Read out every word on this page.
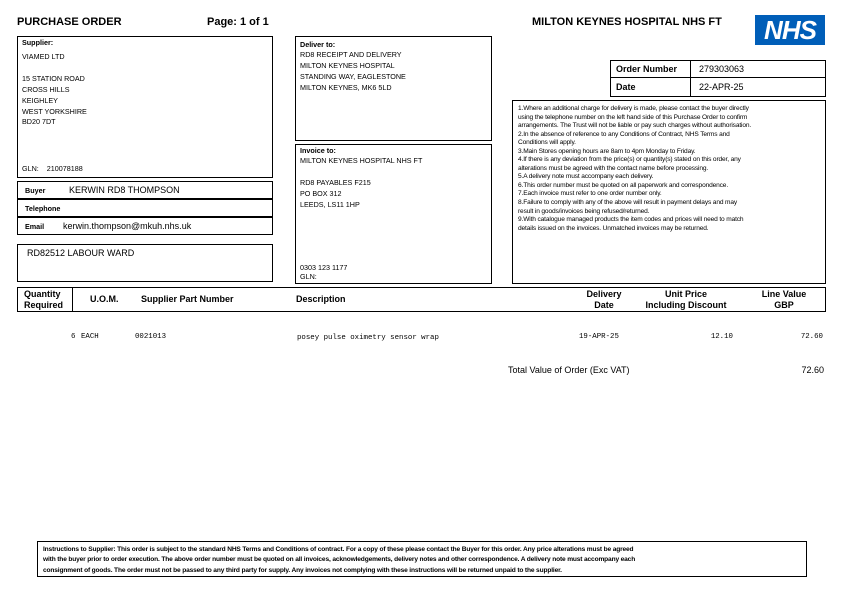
PURCHASE ORDER	Page: 1 of 1	MILTON KEYNES HOSPITAL NHS FT	NHS
Supplier:
VIAMED LTD

15 STATION ROAD
CROSS HILLS
KEIGHLEY
WEST YORKSHIRE
BD20 7DT
GLN: 210078188
Buyer	KERWIN RD8 THOMPSON
Telephone
Email kerwin.thompson@mkuh.nhs.uk
RD82512 LABOUR WARD
Deliver to:
RD8 RECEIPT AND DELIVERY
MILTON KEYNES HOSPITAL
STANDING WAY, EAGLESTONE
MILTON KEYNES, MK6 5LD
Invoice to:
MILTON KEYNES HOSPITAL NHS FT

RD8 PAYABLES F215
PO BOX 312
LEEDS, LS11 1HP
0303 123 1177
GLN:
Order Number 279303063
Date	22-APR-25
1.Where an additional charge for delivery is made, please contact the buyer directly
using the telephone number on the left hand side of this Purchase Order to confirm
arrangements. The Trust will not be liable or pay such charges without authorisation.
2.In the absence of reference to any Conditions of Contract, NHS Terms and
Conditions will apply.
3.Main Stores opening hours are 8am to 4pm Monday to Friday.
4.If there is any deviation from the price(s) or quantity(s) stated on this order, any
alterations must be agreed with the contact name before processing.
5.A delivery note must accompany each delivery.
6.This order number must be quoted on all paperwork and correspondence.
7.Each invoice must refer to one order number only.
8.Failure to comply with any of the above will result in payment delays and may
result in goods/invoices being refused/returned.
9.With catalogue managed products the item codes and prices will need to match
details issued on the invoices. Unmatched invoices may be returned.
Quantity
Required
U.O.M.	Supplier Part Number	Description	Delivery
Date
Unit Price
Including Discount
Line Value
GBP
6 EACH	0021013	posey pulse oximetry sensor wrap	19-APR-25	12.10	72.60
Total Value of Order (Exc VAT)	72.60
Instructions to Supplier: This order is subject to the standard NHS Terms and Conditions of contract. For a copy of these please contact the Buyer for this order. Any price alterations must be agreed
with the buyer prior to order execution. The above order number must be quoted on all invoices, acknowledgements, delivery notes and other correspondence. A delivery note must accompany each
consignment of goods. The order must not be passed to any third party for supply. Any invoices not complying with these instructions will be returned unpaid to the supplier.
